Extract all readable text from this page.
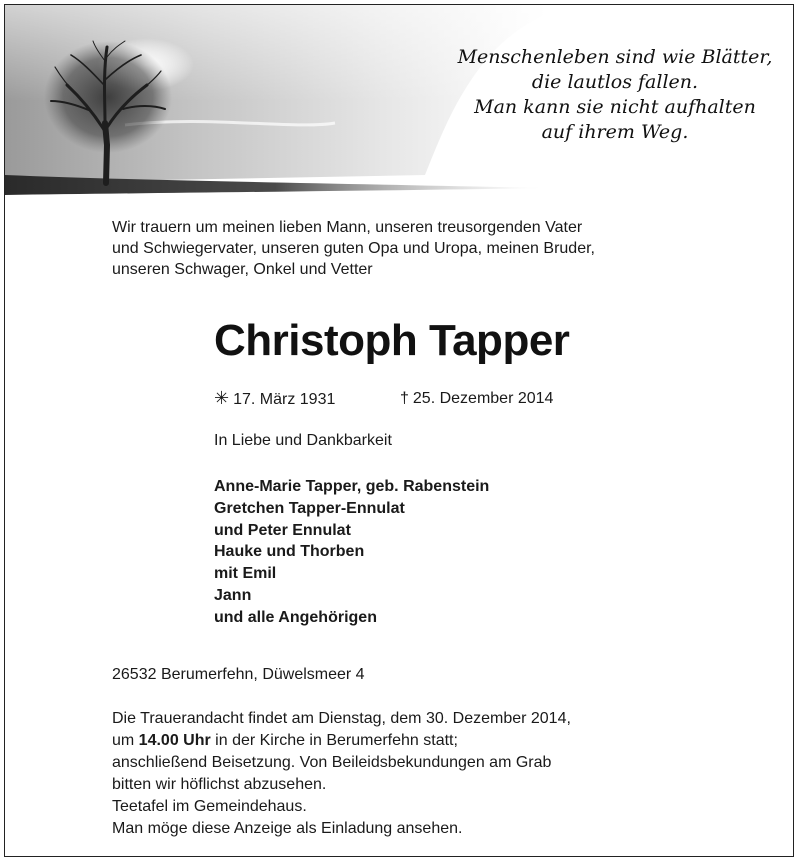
Menschenleben sind wie Blätter,
die lautlos fallen.
Man kann sie nicht aufhalten
auf ihrem Weg.
Wir trauern um meinen lieben Mann, unseren treusorgenden Vater
und Schwiegervater, unseren guten Opa und Uropa, meinen Bruder,
unseren Schwager, Onkel und Vetter
Christoph Tapper
✳ 17. März 1931	† 25. Dezember 2014
In Liebe und Dankbarkeit
Anne-Marie Tapper, geb. Rabenstein
Gretchen Tapper-Ennulat
und Peter Ennulat
Hauke und Thorben
mit Emil
Jann
und alle Angehörigen
26532 Berumerfehn, Düwelsmeer 4
Die Trauerandacht findet am Dienstag, dem 30. Dezember 2014,
um 14.00 Uhr in der Kirche in Berumerfehn statt;
anschließend Beisetzung. Von Beileidsbekundungen am Grab
bitten wir höflichst abzusehen.
Teetafel im Gemeindehaus.
Man möge diese Anzeige als Einladung ansehen.
